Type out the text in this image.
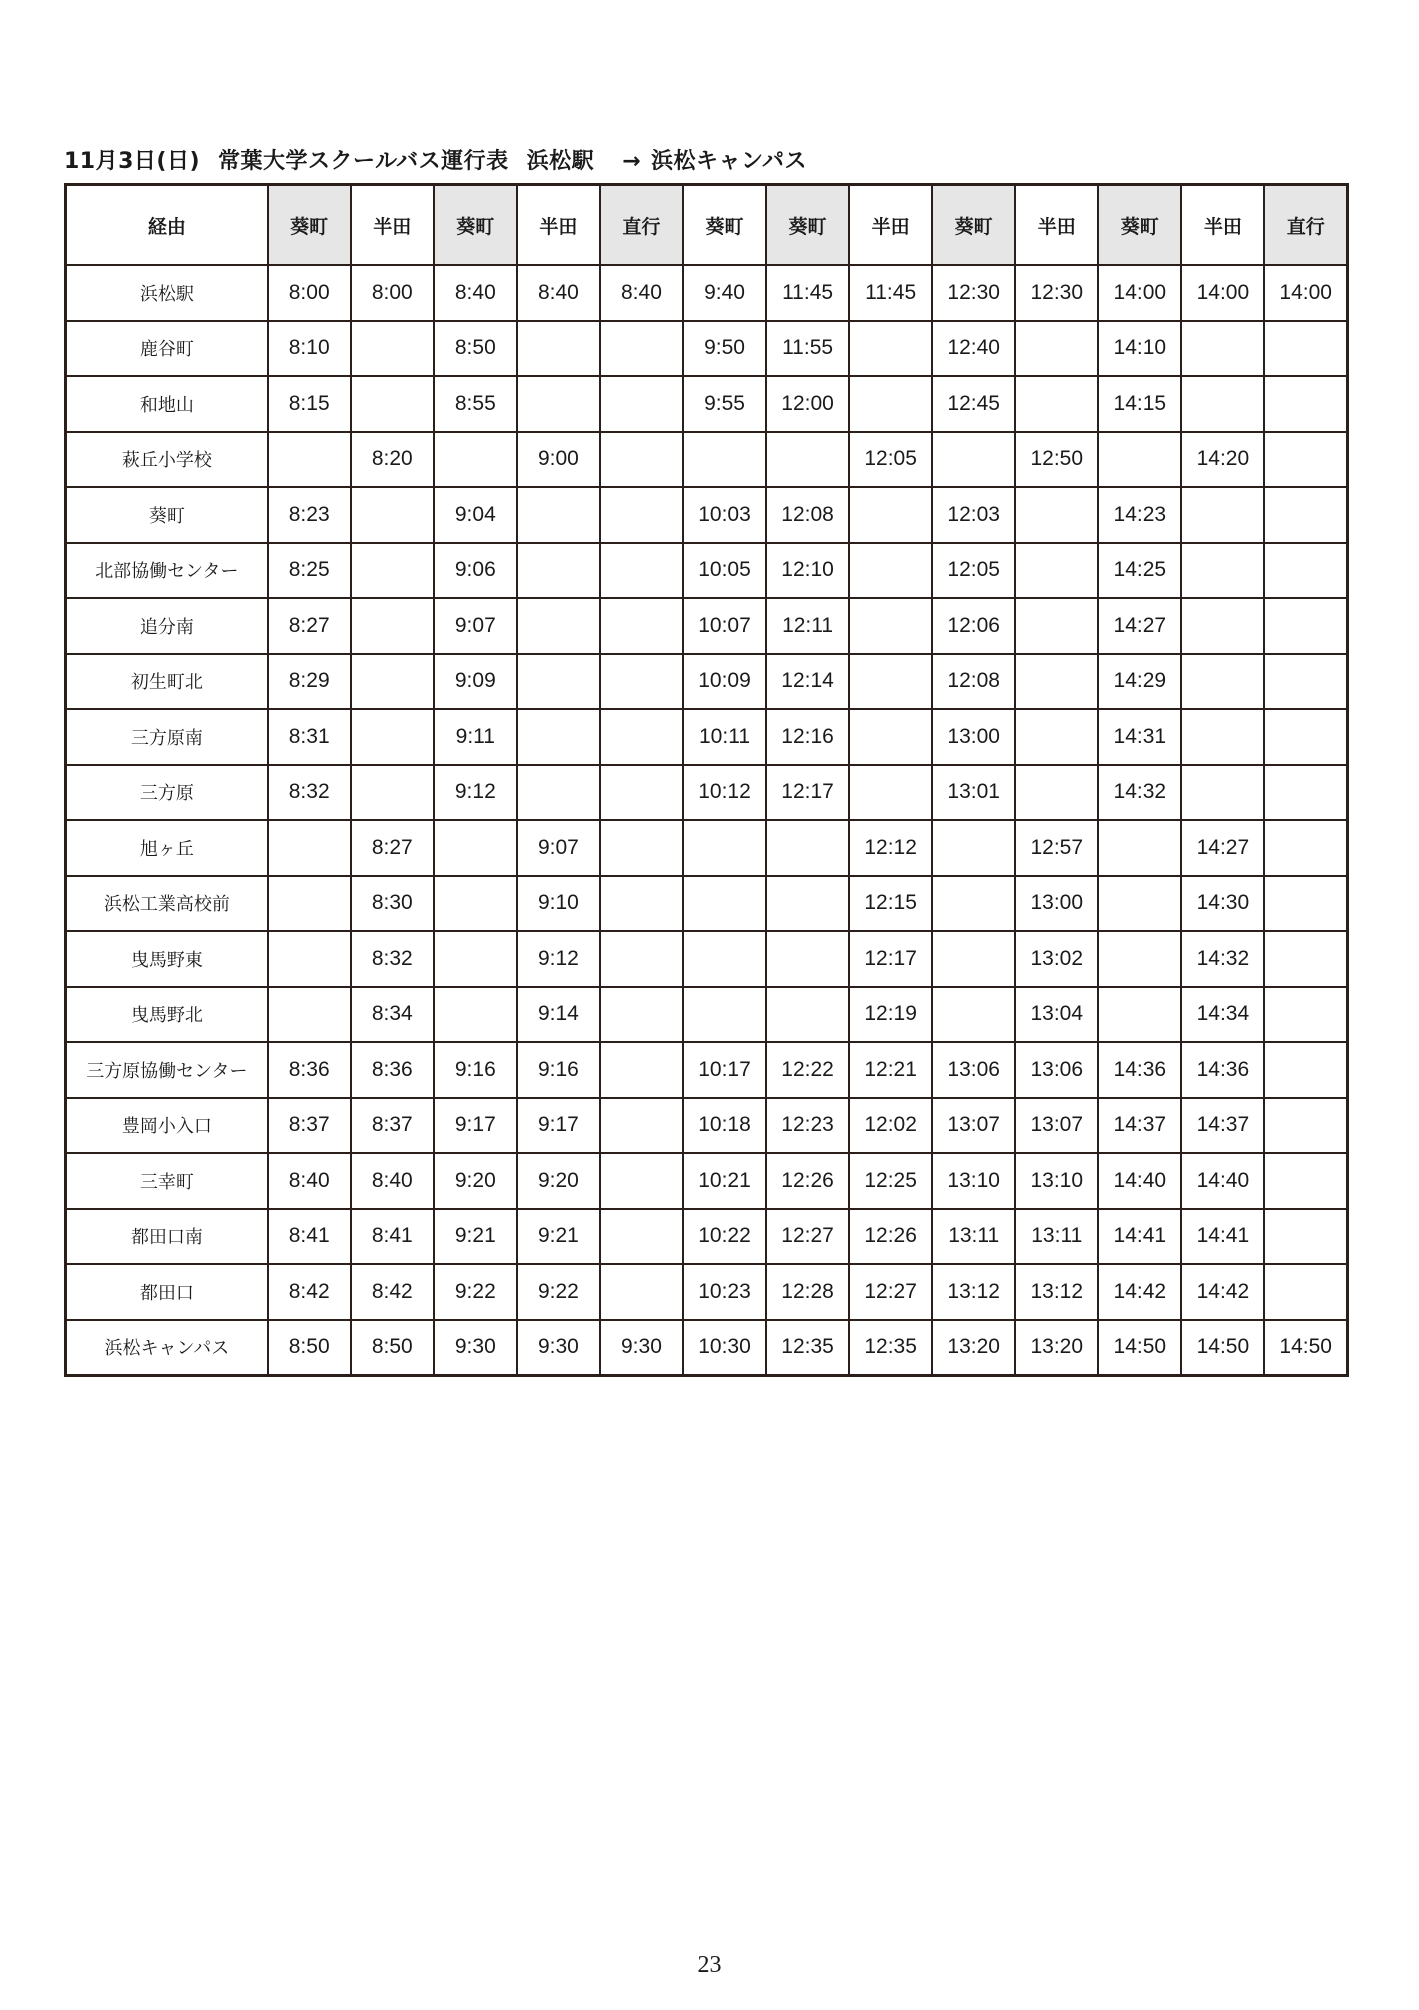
11月3日(日) 常葉大学スクールバス運行表 浜松駅 → 浜松キャンパス
経由	葵町	半田	葵町	半田	直行	葵町	葵町	半田	葵町	半田	葵町	半田	直行
浜松駅	8:00	8:00	8:40	8:40	8:40	9:40	11:45	11:45	12:30	12:30	14:00	14:00	14:00
鹿谷町	8:10		8:50			9:50	11:55		12:40		14:10		
和地山	8:15		8:55			9:55	12:00		12:45		14:15		
萩丘小学校		8:20		9:00				12:05		12:50		14:20	
葵町	8:23		9:04			10:03	12:08		12:03		14:23		
北部協働センター	8:25		9:06			10:05	12:10		12:05		14:25		
追分南	8:27		9:07			10:07	12:11		12:06		14:27		
初生町北	8:29		9:09			10:09	12:14		12:08		14:29		
三方原南	8:31		9:11			10:11	12:16		13:00		14:31		
三方原	8:32		9:12			10:12	12:17		13:01		14:32		
旭ヶ丘		8:27		9:07				12:12		12:57		14:27	
浜松工業高校前		8:30		9:10				12:15		13:00		14:30	
曳馬野東		8:32		9:12				12:17		13:02		14:32	
曳馬野北		8:34		9:14				12:19		13:04		14:34	
三方原協働センター	8:36	8:36	9:16	9:16		10:17	12:22	12:21	13:06	13:06	14:36	14:36	
豊岡小入口	8:37	8:37	9:17	9:17		10:18	12:23	12:02	13:07	13:07	14:37	14:37	
三幸町	8:40	8:40	9:20	9:20		10:21	12:26	12:25	13:10	13:10	14:40	14:40	
都田口南	8:41	8:41	9:21	9:21		10:22	12:27	12:26	13:11	13:11	14:41	14:41	
都田口	8:42	8:42	9:22	9:22		10:23	12:28	12:27	13:12	13:12	14:42	14:42	
浜松キャンパス	8:50	8:50	9:30	9:30	9:30	10:30	12:35	12:35	13:20	13:20	14:50	14:50	14:50
23
